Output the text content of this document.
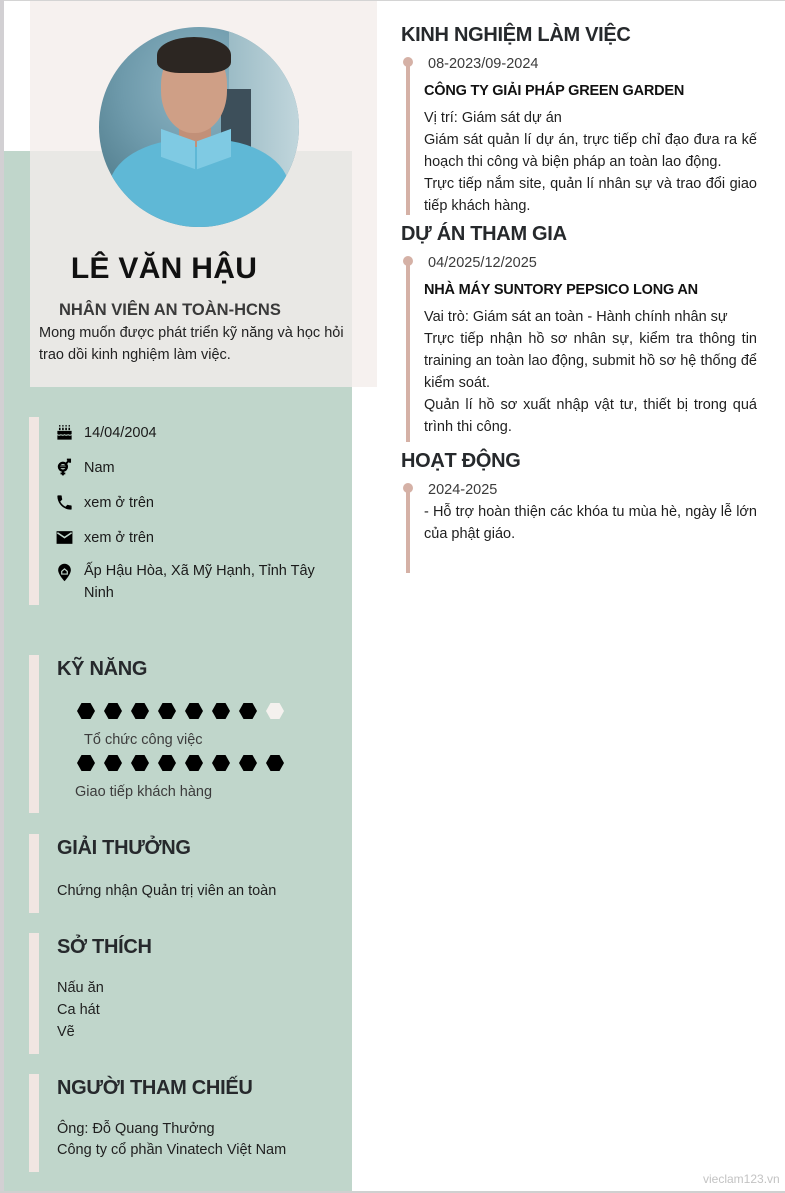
LÊ VĂN HẬU
NHÂN VIÊN AN TOÀN-HCNS
Mong muốn được phát triển kỹ năng và học hỏi trao dồi kinh nghiệm làm việc.
14/04/2004
Nam
xem ở trên
xem ở trên
Ấp Hậu Hòa, Xã Mỹ Hạnh, Tỉnh Tây Ninh
KỸ NĂNG
Tổ chức công việc
Giao tiếp khách hàng
GIẢI THƯỞNG
Chứng nhận Quản trị viên an toàn
SỞ THÍCH
Nấu ăn
Ca hát
Vẽ
NGƯỜI THAM CHIẾU
Ông: Đỗ Quang Thưởng
Công ty cổ phần Vinatech Việt Nam
KINH NGHIỆM LÀM VIỆC
08-2023/09-2024
CÔNG TY GIẢI PHÁP GREEN GARDEN

Vị trí: Giám sát dự án

Giám sát quản lí dự án, trực tiếp chỉ đạo đưa ra kế hoạch thi công và biện pháp an toàn lao động.

Trực tiếp nắm site, quản lí nhân sự và trao đổi giao tiếp khách hàng.

DỰ ÁN THAM GIA
04/2025/12/2025
NHÀ MÁY SUNTORY PEPSICO LONG AN

Vai trò: Giám sát an toàn - Hành chính nhân sự

Trực tiếp nhận hồ sơ nhân sự, kiểm tra thông tin training an toàn lao động, submit hồ sơ hệ thống để kiểm soát.

Quản lí hồ sơ xuất nhập vật tư, thiết bị trong quá trình thi công.

HOẠT ĐỘNG
2024-2025

- Hỗ trợ hoàn thiện các khóa tu mùa hè, ngày lễ lớn của phật giáo.

vieclam123.vn
